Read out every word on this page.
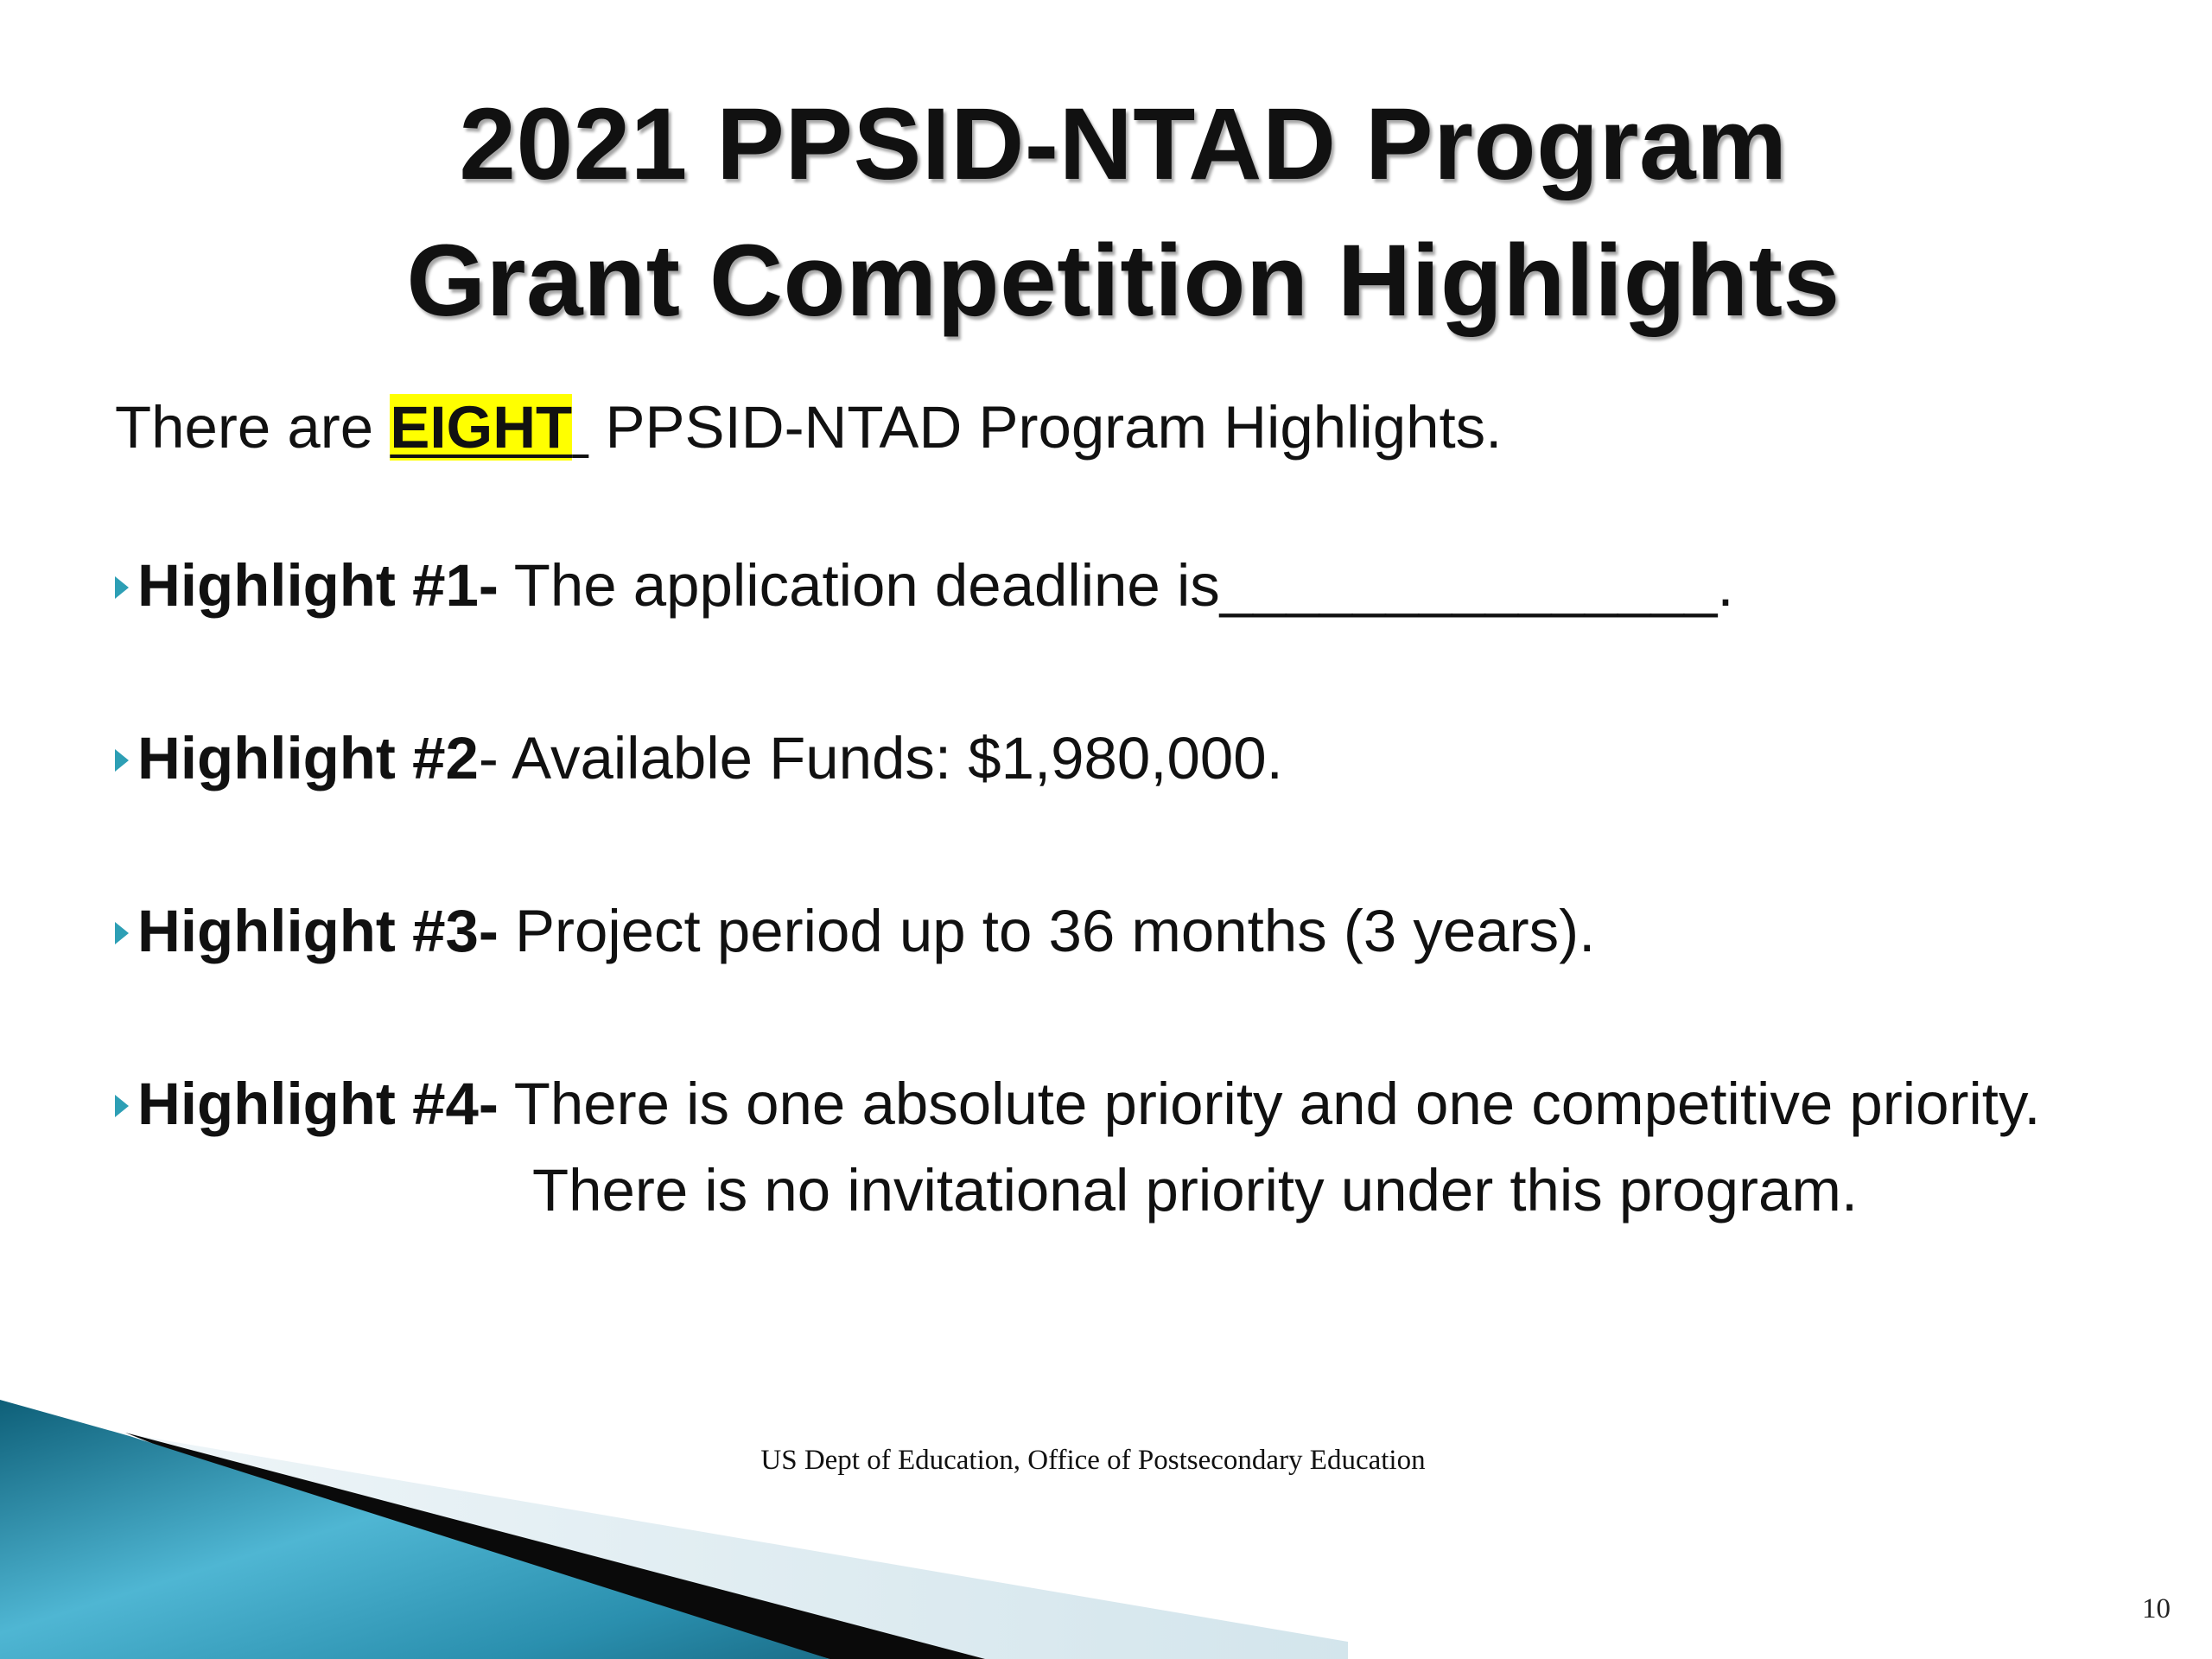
2021 PPSID-NTAD Program
Grant Competition Highlights

There are EIGHT  PPSID-NTAD Program Highlights.

Highlight #1- The application deadline is_______________.
Highlight #2- Available Funds: $1,980,000.
Highlight #3- Project period up to 36 months (3 years).
Highlight #4- There is one absolute priority and one competitive priority.
There is no invitational priority under this program.

US Dept of Education, Office of Postsecondary Education

10
